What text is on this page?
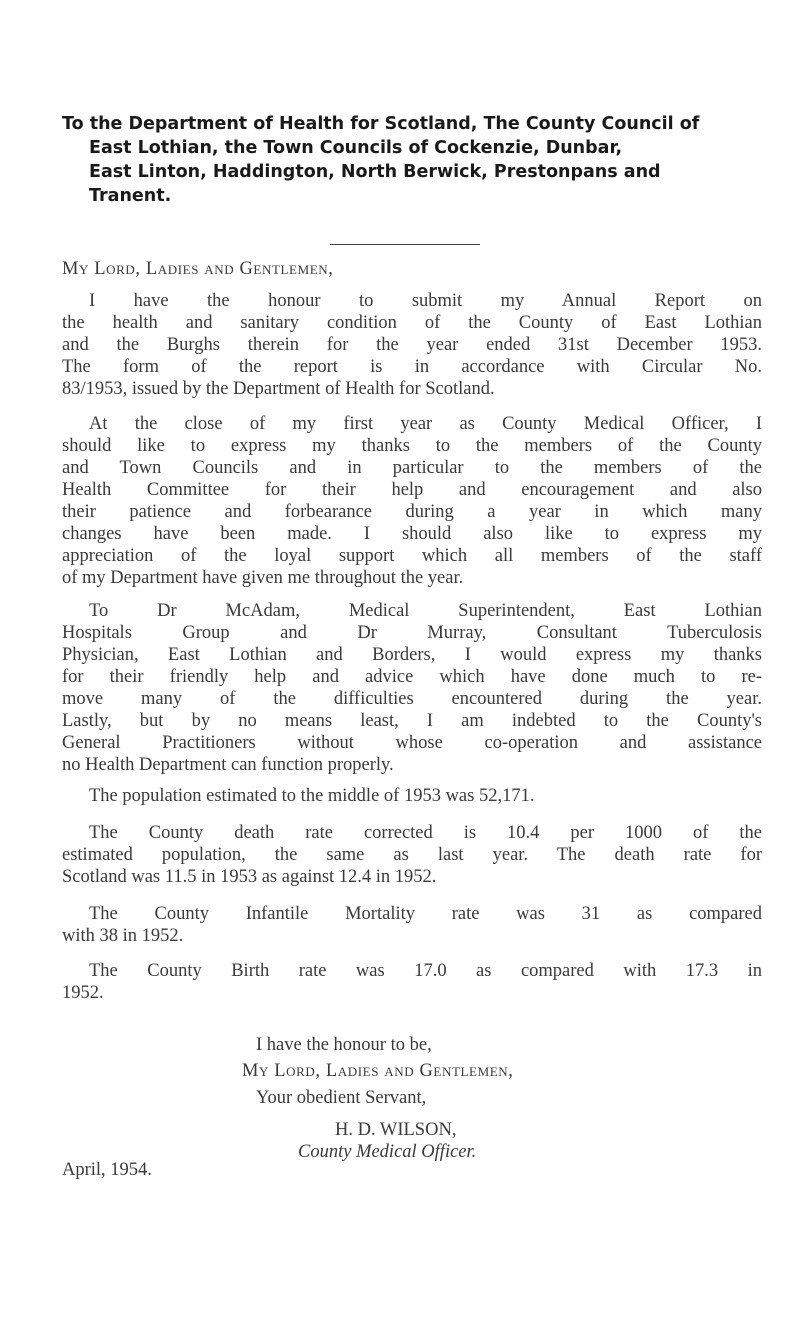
To the Department of Health for Scotland, The County Council of
East Lothian, the Town Councils of Cockenzie, Dunbar,
East Linton, Haddington, North Berwick, Prestonpans and
Tranent.
My Lord, Ladies and Gentlemen,
I have the honour to submit my Annual Report on
the health and sanitary condition of the County of East Lothian
and the Burghs therein for the year ended 31st December 1953.
The form of the report is in accordance with Circular No.
83/1953, issued by the Department of Health for Scotland.
At the close of my first year as County Medical Officer, I
should like to express my thanks to the members of the County
and Town Councils and in particular to the members of the
Health Committee for their help and encouragement and also
their patience and forbearance during a year in which many
changes have been made. I should also like to express my
appreciation of the loyal support which all members of the staff
of my Department have given me throughout the year.
To Dr McAdam, Medical Superintendent, East Lothian
Hospitals Group and Dr Murray, Consultant Tuberculosis
Physician, East Lothian and Borders, I would express my thanks
for their friendly help and advice which have done much to re-
move many of the difficulties encountered during the year.
Lastly, but by no means least, I am indebted to the County's
General Practitioners without whose co-operation and assistance
no Health Department can function properly.
The population estimated to the middle of 1953 was 52,171.
The County death rate corrected is 10.4 per 1000 of the
estimated population, the same as last year. The death rate for
Scotland was 11.5 in 1953 as against 12.4 in 1952.
The County Infantile Mortality rate was 31 as compared
with 38 in 1952.
The County Birth rate was 17.0 as compared with 17.3 in
1952.
I have the honour to be,
My Lord, Ladies and Gentlemen,
Your obedient Servant,
H. D. WILSON,
County Medical Officer.
April, 1954.
